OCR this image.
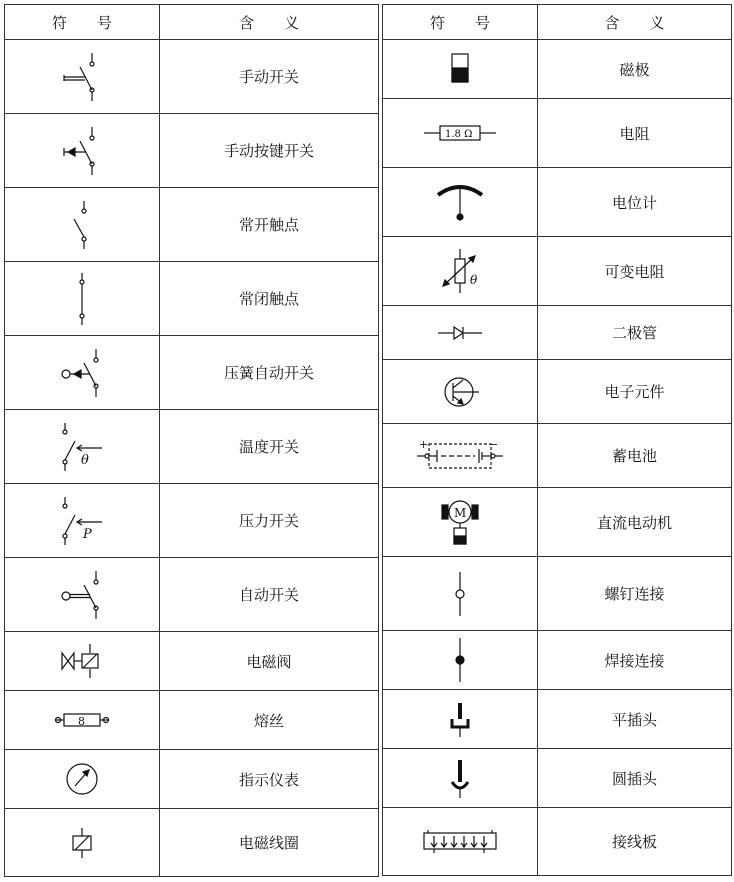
符　　号	含　　义

	手动开关

	手动按键开关

	常开触点

	常闭触点

	压簧自动开关

θ	温度开关

P	压力开关

	自动开关

	电磁阀

8	熔丝

	指示仪表

	电磁线圈
符　　号	含　　义

	磁极

1.8 Ω	电阻

	电位计

θ	可变电阻

	二极管

	电子元件

+ −	蓄电池

M	直流电动机

	螺钉连接

	焊接连接

	平插头

	圆插头

	接线板
